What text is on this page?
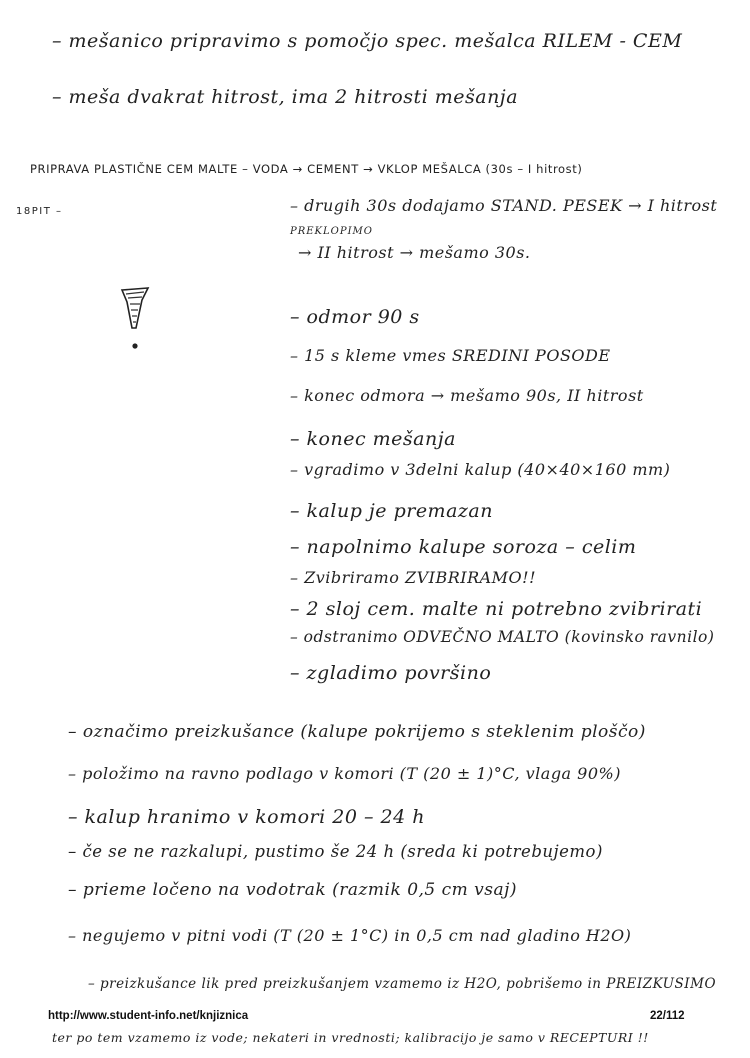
– mešanico pripravimo s pomočjo spec. mešalca RILEM - CEM
– meša dvakrat hitrost, ima 2 hitrosti mešanja
PRIPRAVA PLASTIČNE CEM MALTE – VODA → CEMENT → VKLOP MEŠALCA (30s – I hitrost)
18PIT –	– drugih 30s dodajamo STAND. PESEK → I hitrost
PREKLOPIMO
→ II hitrost → mešamo 30s.
– odmor 90 s
– 15 s kleme vmes SREDINI POSODE
– konec odmora → mešamo 90s, II hitrost
– konec mešanja
– vgradimo v 3delni kalup (40×40×160 mm)
– kalup je premazan
– napolnimo kalupe soroza – celim
– Zvibriramo ZVIBRIRAMO!!
– 2 sloj cem. malte ni potrebno zvibrirati
– odstranimo ODVEČNO MALTO (kovinsko ravnilo)
– zgladimo površino
– označimo preizkušance (kalupe pokrijemo s steklenim ploščo)
– položimo na ravno podlago v komori (T (20 ± 1)°C, vlaga 90%)
– kalup hranimo v komori 20 – 24 h
– če se ne razkalupi, pustimo še 24 h (sreda ki potrebujemo)
– prieme ločeno na vodotrak (razmik 0,5 cm vsaj)
– negujemo v pitni vodi (T (20 ± 1°C) in 0,5 cm nad gladino H2O)
– preizkušance lik pred preizkušanjem vzamemo iz H2O, pobrišemo in PREIZKUSIMO
ter po tem vzamemo iz vode; nekateri in vrednosti; kalibracijo je samo v RECEPTURI !!
http://www.student-info.net/knjiznica	22/112
